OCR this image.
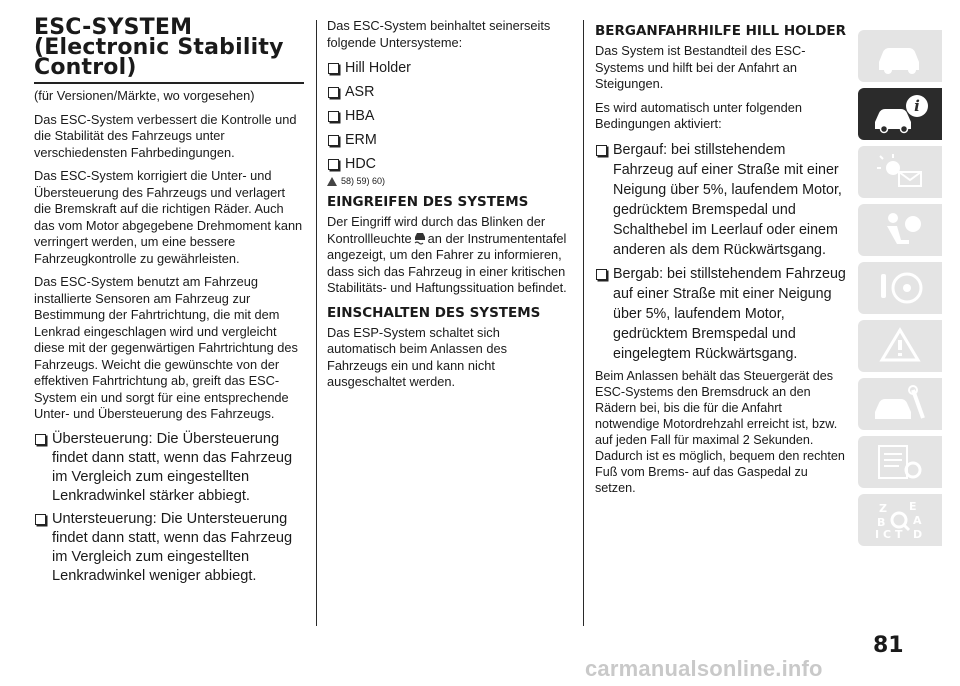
ESC-SYSTEM (Electronic Stability Control)

(für Versionen/Märkte, wo vorgesehen)

Das ESC-System verbessert die Kontrolle und die Stabilität des Fahrzeugs unter verschiedensten Fahrbedingungen.

Das ESC-System korrigiert die Unter- und Übersteuerung des Fahrzeugs und verlagert die Bremskraft auf die richtigen Räder. Auch das vom Motor abgegebene Drehmoment kann verringert werden, um eine bessere Fahrzeugkontrolle zu gewährleisten.

Das ESC-System benutzt am Fahrzeug installierte Sensoren am Fahrzeug zur Bestimmung der Fahrtrichtung, die mit dem Lenkrad eingeschlagen wird und vergleicht diese mit der gegenwärtigen Fahrtrichtung des Fahrzeugs. Weicht die gewünschte von der effektiven Fahrtrichtung ab, greift das ESC-System ein und sorgt für eine entsprechende Unter- und Übersteuerung des Fahrzeugs.

Übersteuerung: Die Übersteuerung findet dann statt, wenn das Fahrzeug im Vergleich zum eingestellten Lenkradwinkel stärker abbiegt.
Untersteuerung: Die Untersteuerung findet dann statt, wenn das Fahrzeug im Vergleich zum eingestellten Lenkradwinkel weniger abbiegt.

Das ESC-System beinhaltet seinerseits folgende Untersysteme:

Hill Holder
ASR
HBA
ERM
HDC
58) 59) 60)
EINGREIFEN DES SYSTEMS

Der Eingriff wird durch das Blinken der Kontrollleuchte an der Instrumententafel angezeigt, um den Fahrer zu informieren, dass sich das Fahrzeug in einer kritischen Stabilitäts- und Haftungssituation befindet.

EINSCHALTEN DES SYSTEMS

Das ESP-System schaltet sich automatisch beim Anlassen des Fahrzeugs ein und kann nicht ausgeschaltet werden.

BERGANFAHRHILFE HILL HOLDER

Das System ist Bestandteil des ESC-Systems und hilft bei der Anfahrt an Steigungen.

Es wird automatisch unter folgenden Bedingungen aktiviert:

Bergauf: bei stillstehendem Fahrzeug auf einer Straße mit einer Neigung über 5%, laufendem Motor, gedrücktem Bremspedal und Schalthebel im Leerlauf oder einem anderen als dem Rückwärtsgang.
Bergab: bei stillstehendem Fahrzeug auf einer Straße mit einer Neigung über 5%, laufendem Motor, gedrücktem Bremspedal und eingelegtem Rückwärtsgang.

Beim Anlassen behält das Steuergerät des ESC-Systems den Bremsdruck an den Rädern bei, bis die für die Anfahrt notwendige Motordrehzahl erreicht ist, bzw. auf jeden Fall für maximal 2 Sekunden. Dadurch ist es möglich, bequem den rechten Fuß vom Brems- auf das Gaspedal zu setzen.

i
Z E
B	A
C T D
I
81
carmanualsonline.info
